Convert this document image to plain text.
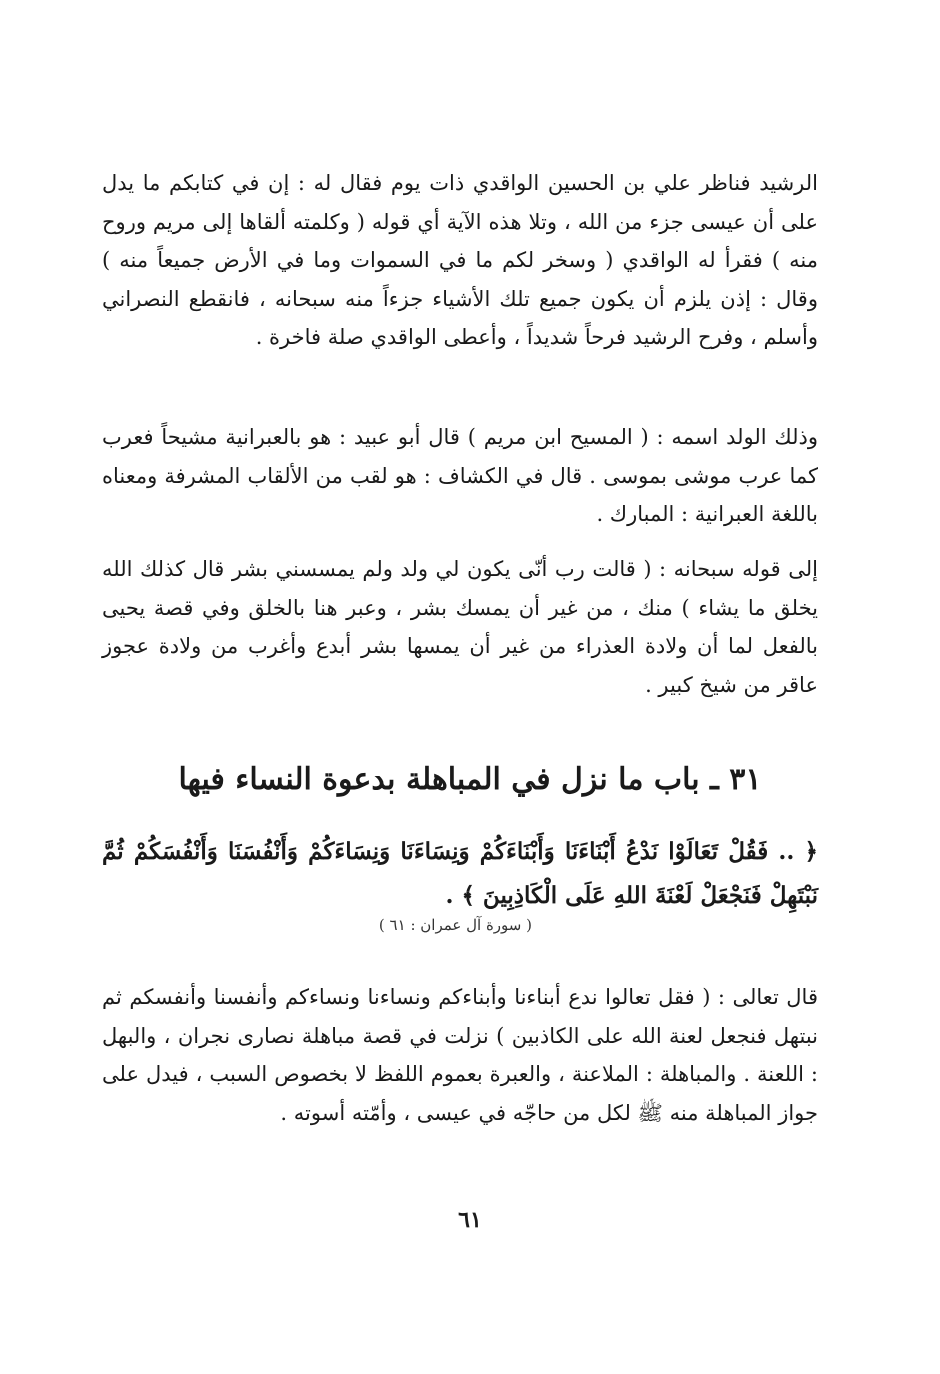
الرشيد فناظر علي بن الحسين الواقدي ذات يوم فقال له : إن في كتابكم ما يدل على أن عيسى جزء من الله ، وتلا هذه الآية أي قوله ( وكلمته ألقاها إلى مريم وروح منه ) فقرأ له الواقدي ( وسخر لكم ما في السموات وما في الأرض جميعاً منه ) وقال : إذن يلزم أن يكون جميع تلك الأشياء جزءاً منه سبحانه ، فانقطع النصراني وأسلم ، وفرح الرشيد فرحاً شديداً ، وأعطى الواقدي صلة فاخرة .

وذلك الولد اسمه : ( المسيح ابن مريم ) قال أبو عبيد : هو بالعبرانية مشيحاً فعرب كما عرب موشى بموسى . قال في الكشاف : هو لقب من الألقاب المشرفة ومعناه باللغة العبرانية : المبارك .

إلى قوله سبحانه : ( قالت رب أنّى يكون لي ولد ولم يمسسني بشر قال كذلك الله يخلق ما يشاء ) منك ، من غير أن يمسك بشر ، وعبر هنا بالخلق وفي قصة يحيى بالفعل لما أن ولادة العذراء من غير أن يمسها بشر أبدع وأغرب من ولادة عجوز عاقر من شيخ كبير .

٣١ ـ باب ما نزل في المباهلة بدعوة النساء فيها

﴿ .. فَقُلْ تَعَالَوْا نَدْعُ أَبْنَاءَنَا وَأَبْنَاءَكُمْ وَنِسَاءَنَا وَنِسَاءَكُمْ وَأَنْفُسَنَا وَأَنْفُسَكُمْ ثُمَّ نَبْتَهِلْ فَنَجْعَلْ لَعْنَةَ اللهِ عَلَى الْكَاذِبِينَ ﴾ .

( سورة آل عمران : ٦١ )

قال تعالى : ( فقل تعالوا ندع أبناءنا وأبناءكم ونساءنا ونساءكم وأنفسنا وأنفسكم ثم نبتهل فنجعل لعنة الله على الكاذبين ) نزلت في قصة مباهلة نصارى نجران ، والبهل : اللعنة . والمباهلة : الملاعنة ، والعبرة بعموم اللفظ لا بخصوص السبب ، فيدل على جواز المباهلة منه ﷺ لكل من حاجّه في عيسى ، وأمّته أسوته .

٦١
